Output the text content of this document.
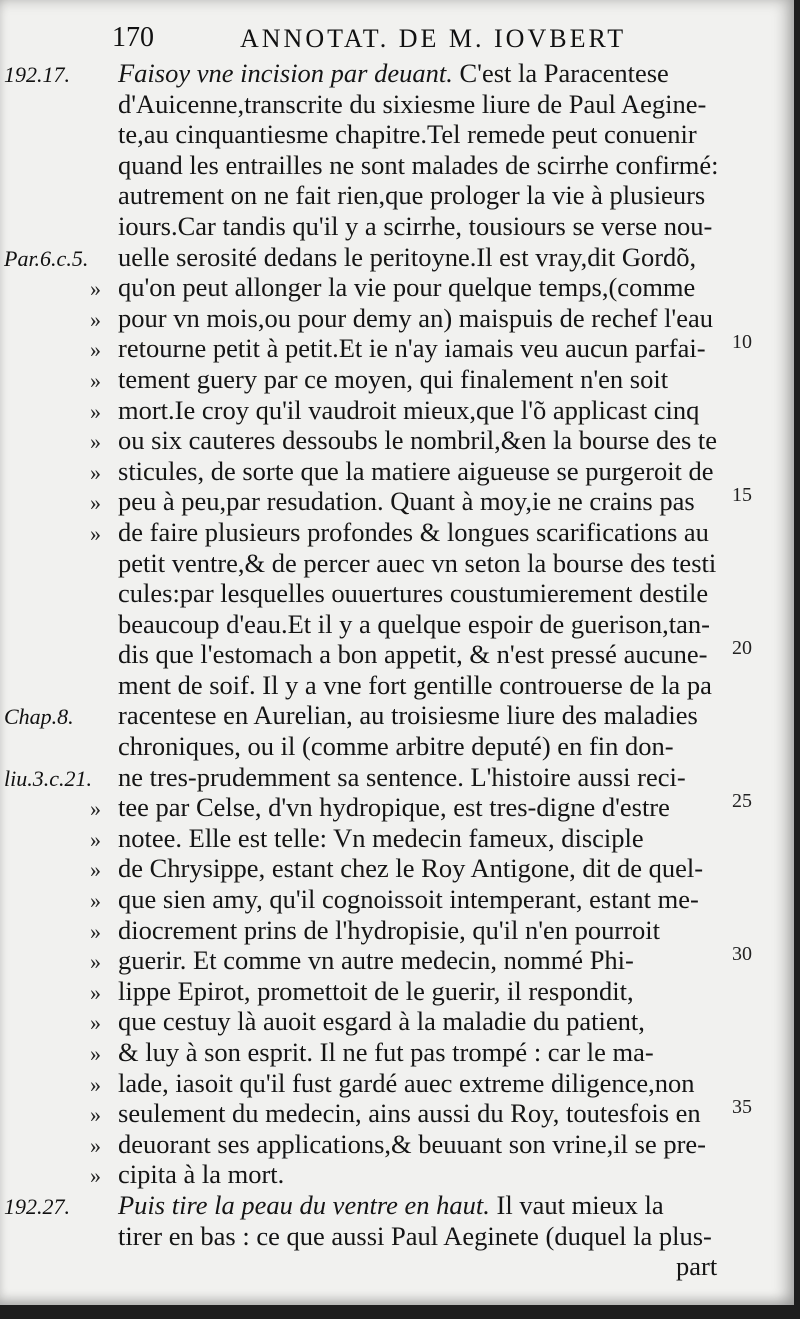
170	ANNOTAT. DE M. IOVBERT
192.17. Faisoy vne incision par deuant. C'est la Paracentese
d'Auicenne,transcrite du sixiesme liure de Paul Aegine-
te,au cinquantiesme chapitre.Tel remede peut conuenir
quand les entrailles ne sont malades de scirrhe confirmé:
autrement on ne fait rien,que prologer la vie à plusieurs
iours.Car tandis qu'il y a scirrhe, tousiours se verse nou-
Par.6.c.5. uelle serosité dedans le peritoyne.Il est vray,dit Gordõ,
» qu'on peut allonger la vie pour quelque temps,(comme
» pour vn mois,ou pour demy an) maispuis de rechef l'eau
» retourne petit à petit.Et ie n'ay iamais veu aucun parfai- 10
» tement guery par ce moyen, qui finalement n'en soit
» mort.Ie croy qu'il vaudroit mieux,que l'õ applicast cinq
» ou six cauteres dessoubs le nombril,&en la bourse des te
» sticules, de sorte que la matiere aigueuse se purgeroit de
» peu à peu,par resudation. Quant à moy,ie ne crains pas 15
» de faire plusieurs profondes & longues scarifications au
petit ventre,& de percer auec vn seton la bourse des testi
cules:par lesquelles ouuertures coustumierement destile
beaucoup d'eau.Et il y a quelque espoir de guerison,tan-
dis que l'estomach a bon appetit, & n'est pressé aucune- 20
ment de soif. Il y a vne fort gentille controuerse de la pa
Chap.8. racentese en Aurelian, au troisiesme liure des maladies
chroniques, ou il (comme arbitre deputé) en fin don-
liu.3.c.21. ne tres-prudemment sa sentence. L'histoire aussi reci-
» tee par Celse, d'vn hydropique, est tres-digne d'estre	25
» notee. Elle est telle: Vn medecin fameux, disciple
» de Chrysippe, estant chez le Roy Antigone, dit de quel-
» que sien amy, qu'il cognoissoit intemperant, estant me-
» diocrement prins de l'hydropisie, qu'il n'en pourroit
» guerir. Et comme vn autre medecin, nommé Phi-	30
» lippe Epirot, promettoit de le guerir, il respondit,
» que cestuy là auoit esgard à la maladie du patient,
» & luy à son esprit. Il ne fut pas trompé : car le ma-
» lade, iasoit qu'il fust gardé auec extreme diligence,non
» seulement du medecin, ains aussi du Roy, toutesfois en 35
» deuorant ses applications,& beuuant son vrine,il se pre-
» cipita à la mort.
192.27. Puis tire la peau du ventre en haut. Il vaut mieux la
tirer en bas : ce que aussi Paul Aeginete (duquel la plus-
part
